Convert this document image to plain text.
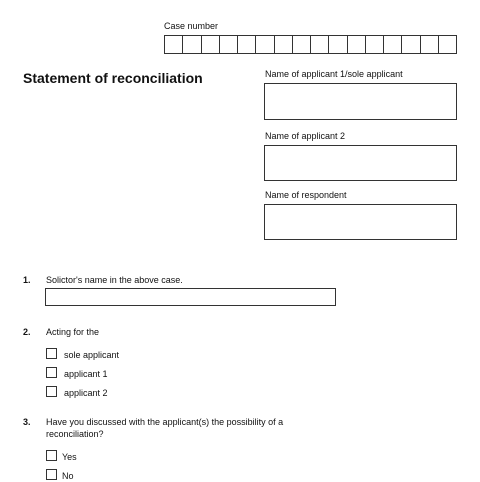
Case number
Statement of reconciliation	Name of applicant 1/sole applicant
Name of applicant 2
Name of respondent
1. Solictor's name in the above case.
2. Acting for the
sole applicant
applicant 1
applicant 2
3. Have you discussed with the applicant(s) the possibility of a reconciliation?
Yes
No
